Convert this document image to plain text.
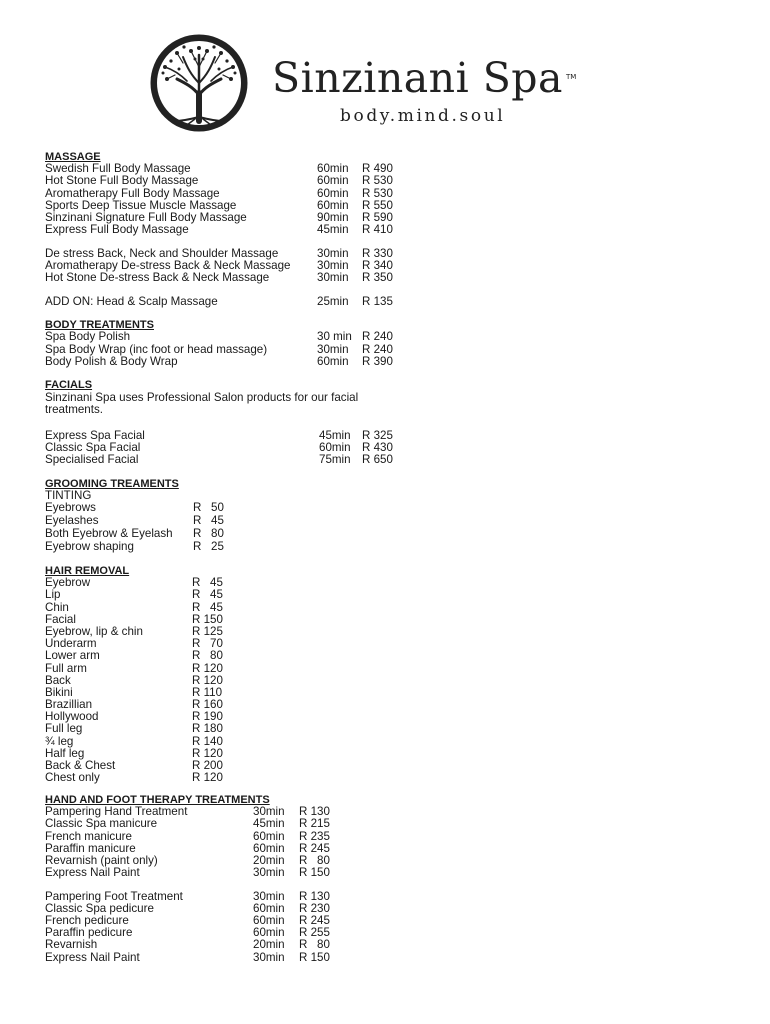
Sinzinani Spa TM
body.mind.soul
MASSAGE
Swedish Full Body Massage	60min R 490
Hot Stone Full Body Massage	60min R 530
Aromatherapy Full Body Massage	60min R 530
Sports Deep Tissue Muscle Massage	60min R 550
Sinzinani Signature Full Body Massage	90min R 590
Express Full Body Massage	45min R 410
De stress Back, Neck and Shoulder Massage	30min R 330
Aromatherapy De-stress Back & Neck Massage 30min R 340
Hot Stone De-stress Back & Neck Massage	30min R 350
ADD ON: Head & Scalp Massage	25min R 135
BODY TREATMENTS
Spa Body Polish	30 min R 240
Spa Body Wrap (inc foot or head massage)	30min R 240
Body Polish & Body Wrap	60min R 390
FACIALS
Sinzinani Spa uses Professional Salon products for our facial treatments.
Express Spa Facial	45min R 325
Classic Spa Facial	60min R 430
Specialised Facial	75min R 650
GROOMING TREAMENTS
TINTING
Eyebrows	R   50
Eyelashes	R   45
Both Eyebrow & Eyelash R   80
Eyebrow shaping	R   25
HAIR REMOVAL
Eyebrow	R   45
Lip	R   45
Chin	R   45
Facial	R 150
Eyebrow, lip & chin	R 125
Underarm	R   70
Lower arm	R   80
Full arm	R 120
Back	R 120
Bikini	R 110
Brazillian	R 160
Hollywood	R 190
Full leg	R 180
¾ leg	R 140
Half leg	R 120
Back & Chest	R 200
Chest only	R 120
HAND AND FOOT THERAPY TREATMENTS
Pampering Hand Treatment	30min R 130
Classic Spa manicure	45min R 215
French manicure	60min R 235
Paraffin manicure	60min R 245
Revarnish (paint only)	20min R   80
Express Nail Paint	30min R 150
Pampering Foot Treatment	30min R 130
Classic Spa pedicure	60min R 230
French pedicure	60min R 245
Paraffin pedicure	60min R 255
Revarnish	20min R   80
Express Nail Paint	30min R 150
